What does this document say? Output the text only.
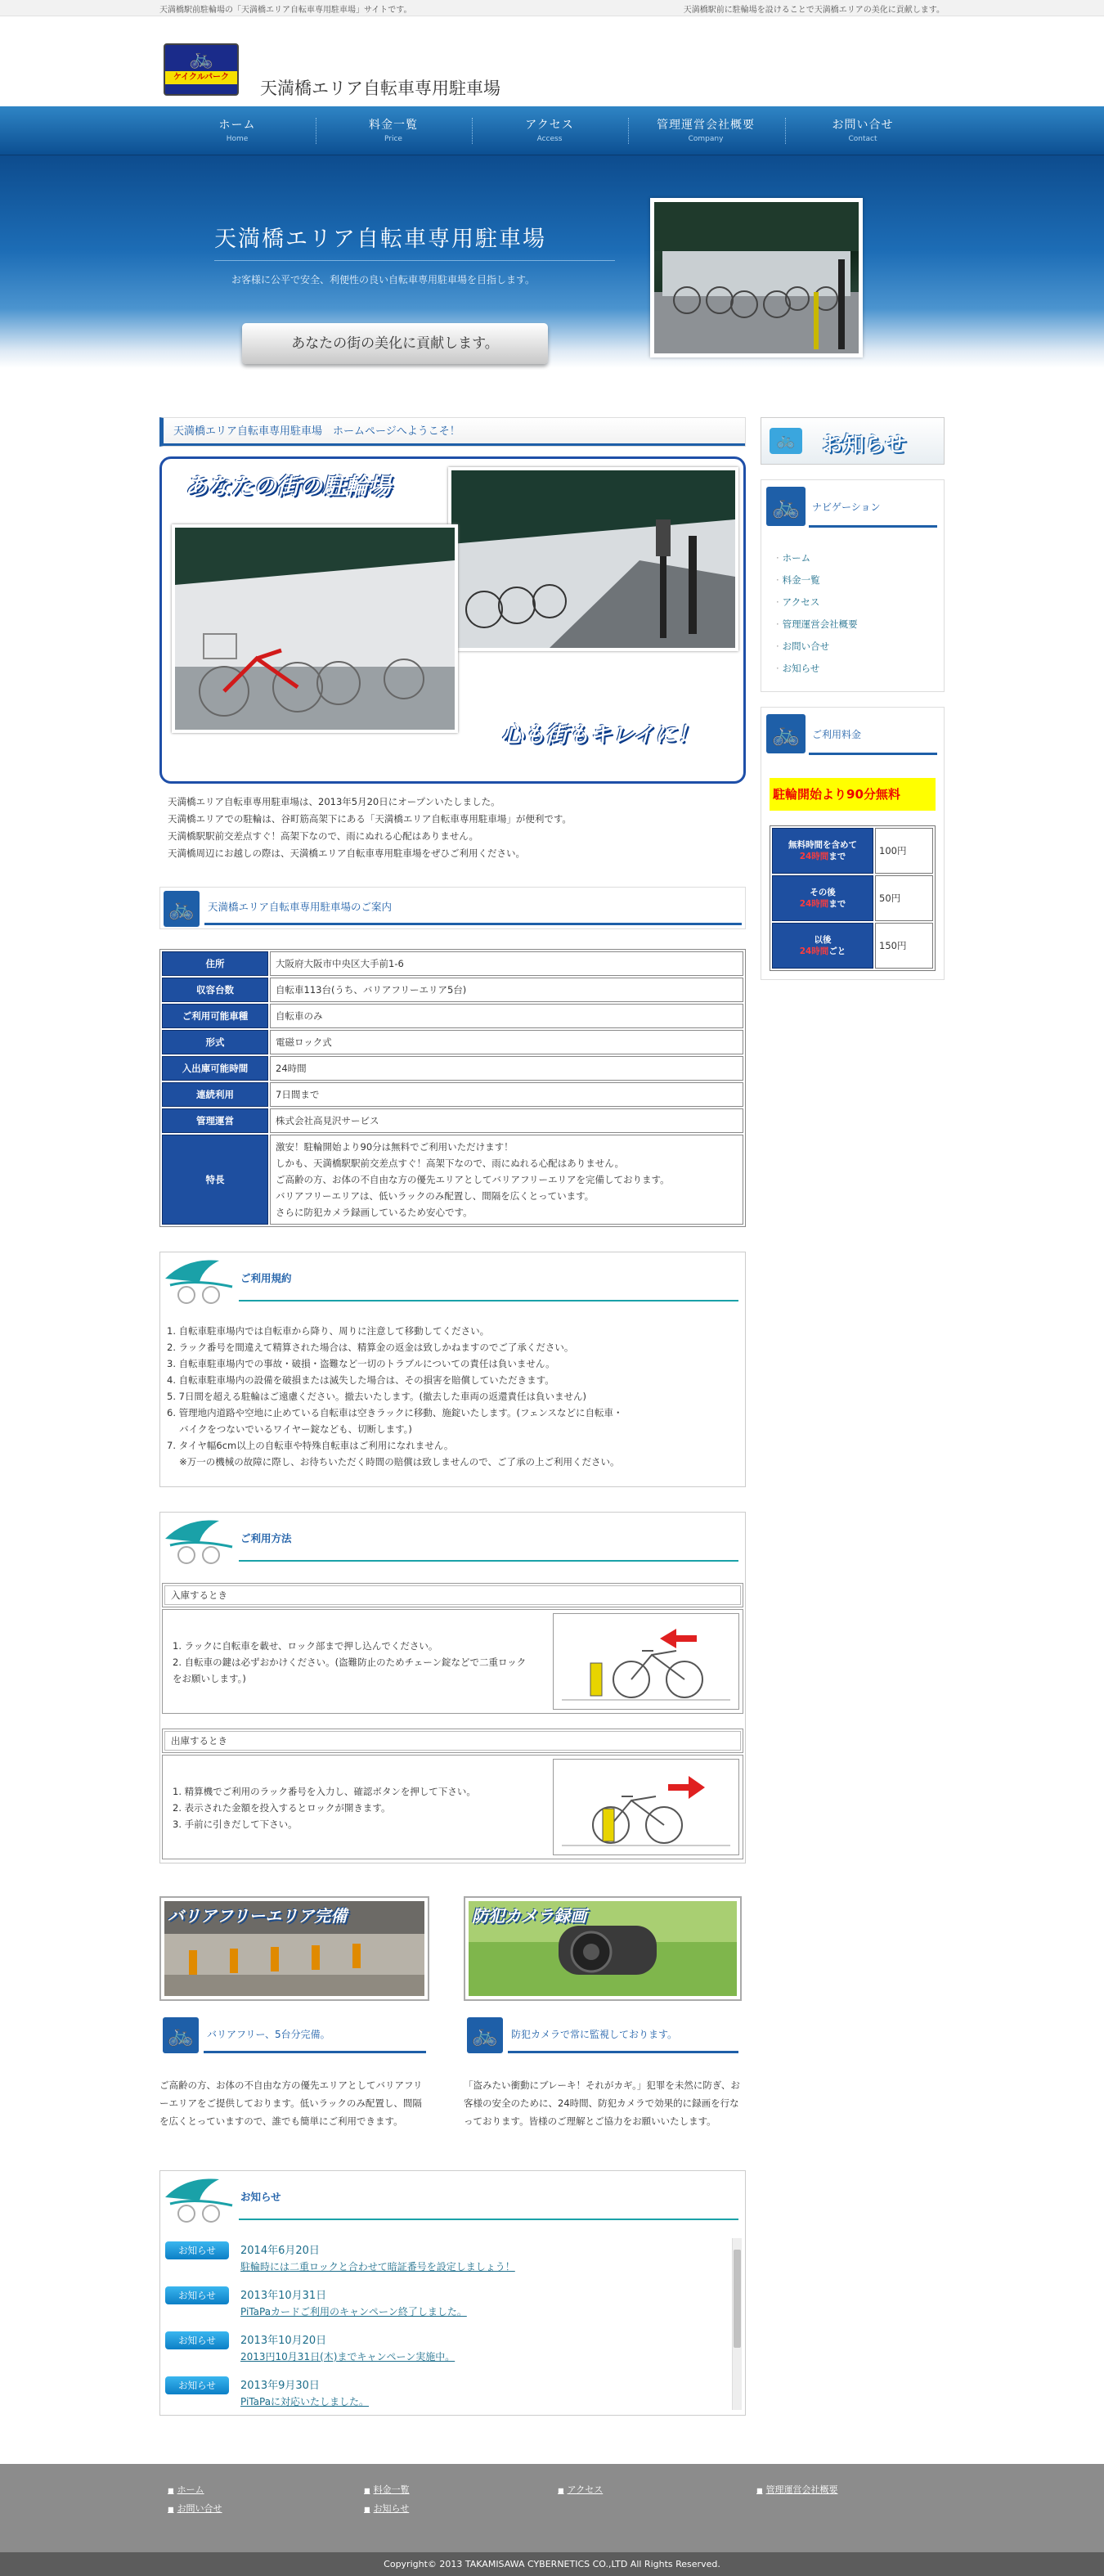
天満橋駅前駐輪場の「天満橋エリア自転車専用駐車場」サイトです。	天満橋駅前に駐輪場を設けることで天満橋エリアの美化に貢献します。
🚲
ケイクルパーク
天満橋エリア自転車専用駐車場
ホーム
Home
料金一覧
Price
アクセス
Access
管理運営会社概要
Company
お問い合せ
Contact
天満橋エリア自転車専用駐車場
お客様に公平で安全、利便性の良い自転車専用駐車場を目指します。
あなたの街の美化に貢献します。
天満橋エリア自転車専用駐車場　ホームページへようこそ！
あなたの街の駐輪場
心も街もキレイに！
天満橋エリア自転車専用駐車場は、2013年5月20日にオープンいたしました。
天満橋エリアでの駐輪は、谷町筋高架下にある「天満橋エリア自転車専用駐車場」が便利です。
天満橋駅駅前交差点すぐ！高架下なので、雨にぬれる心配はありません。
天満橋周辺にお越しの際は、天満橋エリア自転車専用駐車場をぜひご利用ください。
🚲	天満橋エリア自転車専用駐車場のご案内
住所	大阪府大阪市中央区大手前1-6
収容台数	自転車113台(うち、バリアフリーエリア5台)
ご利用可能車種	自転車のみ
形式	電磁ロック式
入出庫可能時間	24時間
連続利用	7日間まで
管理運営	株式会社高見沢サービス
特長	激安！駐輪開始より90分は無料でご利用いただけます！
しかも、天満橋駅駅前交差点すぐ！高架下なので、雨にぬれる心配はありません。
ご高齢の方、お体の不自由な方の優先エリアとしてバリアフリーエリアを完備しております。
バリアフリーエリアは、低いラックのみ配置し、間隔を広くとっています。
さらに防犯カメラ録画しているため安心です。
ご利用規約
1. 自転車駐車場内では自転車から降り、周りに注意して移動してください。
2. ラック番号を間違えて精算された場合は、精算金の返金は致しかねますのでご了承ください。
3. 自転車駐車場内での事故・破損・盗難など一切のトラブルについての責任は負いません。
4. 自転車駐車場内の設備を破損または滅失した場合は、その損害を賠償していただきます。
5. 7日間を超える駐輪はご遠慮ください。撤去いたします。(撤去した車両の返還責任は負いません)
6. 管理地内道路や空地に止めている自転車は空きラックに移動、施錠いたします。(フェンスなどに自転車・
　 バイクをつないでいるワイヤー錠なども、切断します。)
7. タイヤ幅6cm以上の自転車や特殊自転車はご利用になれません。
　 ※万一の機械の故障に際し、お待ちいただく時間の賠償は致しませんので、ご了承の上ご利用ください。
ご利用方法
入庫するとき
1. ラックに自転車を載せ、ロック部まで押し込んでください。
2. 自転車の鍵は必ずおかけください。(盗難防止のためチェーン錠などで二重ロックをお願いします。)
出庫するとき
1. 精算機でご利用のラック番号を入力し、確認ボタンを押して下さい。
2. 表示された金額を投入するとロックが開きます。
3. 手前に引きだして下さい。
バリアフリーエリア完備
🚲	バリアフリー、5台分完備。
ご高齢の方、お体の不自由な方の優先エリアとしてバリアフリーエリアをご提供しております。低いラックのみ配置し、間隔を広くとっていますので、誰でも簡単にご利用できます。
防犯カメラ録画
🚲	防犯カメラで常に監視しております。
「盗みたい衝動にブレーキ！それがカギ。」犯罪を未然に防ぎ、お客様の安全のために、24時間、防犯カメラで効果的に録画を行なっております。皆様のご理解とご協力をお願いいたします。
お知らせ
お知らせ	2014年6月20日
駐輪時には二重ロックと合わせて暗証番号を設定しましょう！
お知らせ	2013年10月31日
PiTaPaカードご利用のキャンペーン終了しました。
お知らせ	2013年10月20日
2013円10月31日(木)までキャンペーン実施中。
お知らせ	2013年9月30日
PiTaPaに対応いたしました。
🚲	お知らせ
🚲	ナビゲーション
· ホーム
· 料金一覧
· アクセス
· 管理運営会社概要
· お問い合せ
· お知らせ
🚲	ご利用料金
駐輪開始より90分無料
無料時間を含めて
24時間まで	100円
その後
24時間まで	50円
以後
24時間ごと	150円
■ ホーム	■ 料金一覧	■ アクセス	■ 管理運営会社概要
■ お問い合せ	■ お知らせ
Copyright© 2013 TAKAMISAWA CYBERNETICS CO.,LTD All Rights Reserved.
